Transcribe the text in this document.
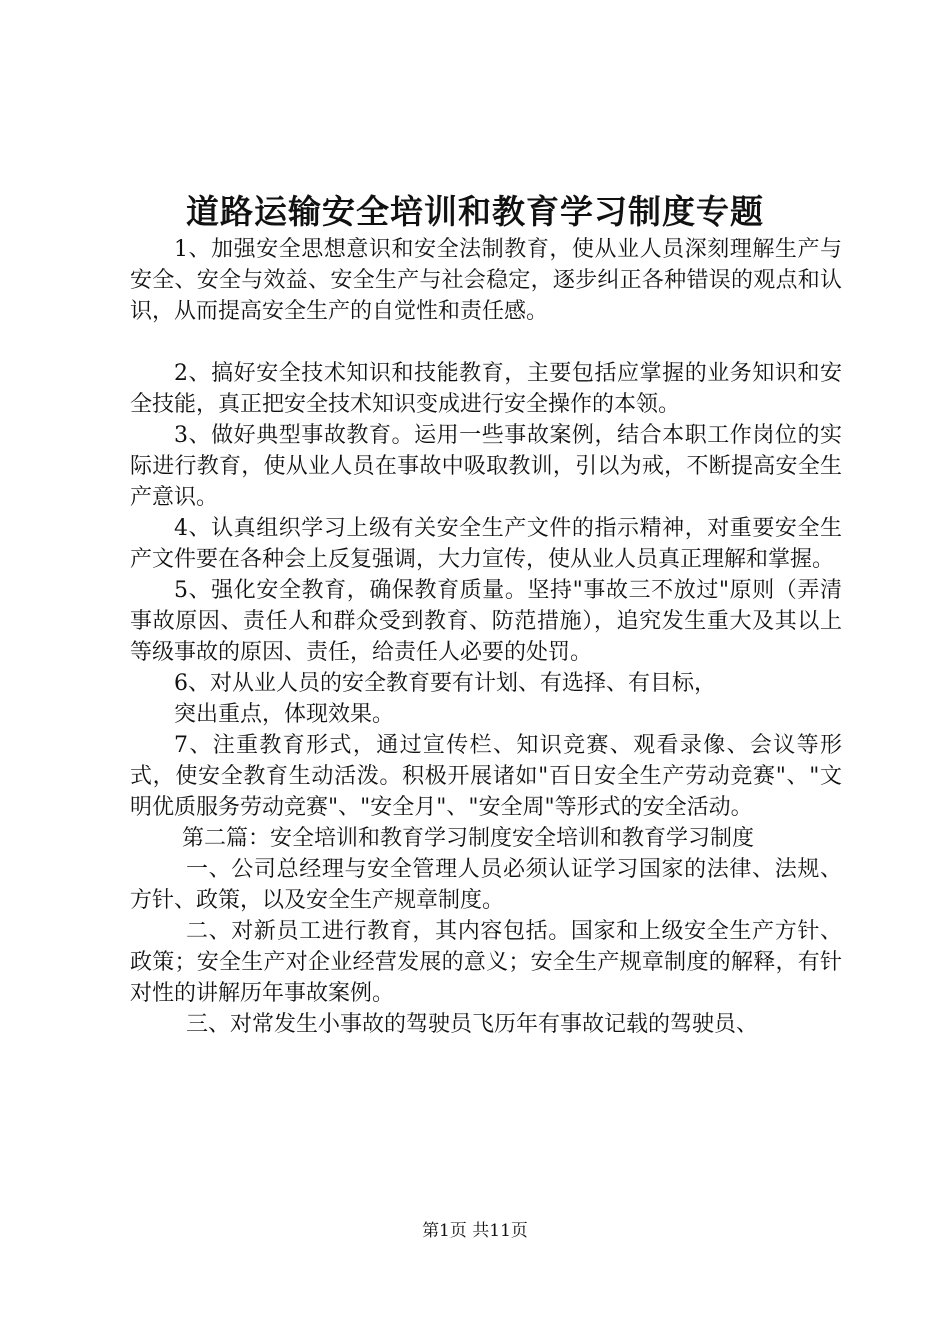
道路运输安全培训和教育学习制度专题

1、加强安全思想意识和安全法制教育，使从业人员深刻理解生产与安全、安全与效益、安全生产与社会稳定，逐步纠正各种错误的观点和认识，从而提高安全生产的自觉性和责任感。

2、搞好安全技术知识和技能教育，主要包括应掌握的业务知识和安全技能，真正把安全技术知识变成进行安全操作的本领。

3、做好典型事故教育。运用一些事故案例，结合本职工作岗位的实际进行教育，使从业人员在事故中吸取教训，引以为戒，不断提高安全生产意识。

4、认真组织学习上级有关安全生产文件的指示精神，对重要安全生产文件要在各种会上反复强调，大力宣传，使从业人员真正理解和掌握。

5、强化安全教育，确保教育质量。坚持"事故三不放过"原则（弄清事故原因、责任人和群众受到教育、防范措施），追究发生重大及其以上等级事故的原因、责任，给责任人必要的处罚。

6、对从业人员的安全教育要有计划、有选择、有目标，

突出重点，体现效果。

7、注重教育形式，通过宣传栏、知识竞赛、观看录像、会议等形式，使安全教育生动活泼。积极开展诸如"百日安全生产劳动竞赛"、"文明优质服务劳动竞赛"、"安全月"、"安全周"等形式的安全活动。

第二篇：安全培训和教育学习制度安全培训和教育学习制度

一、公司总经理与安全管理人员必须认证学习国家的法律、法规、方针、政策，以及安全生产规章制度。

二、对新员工进行教育，其内容包括。国家和上级安全生产方针、政策；安全生产对企业经营发展的意义；安全生产规章制度的解释，有针对性的讲解历年事故案例。

三、对常发生小事故的驾驶员飞历年有事故记载的驾驶员、

第1页 共11页
